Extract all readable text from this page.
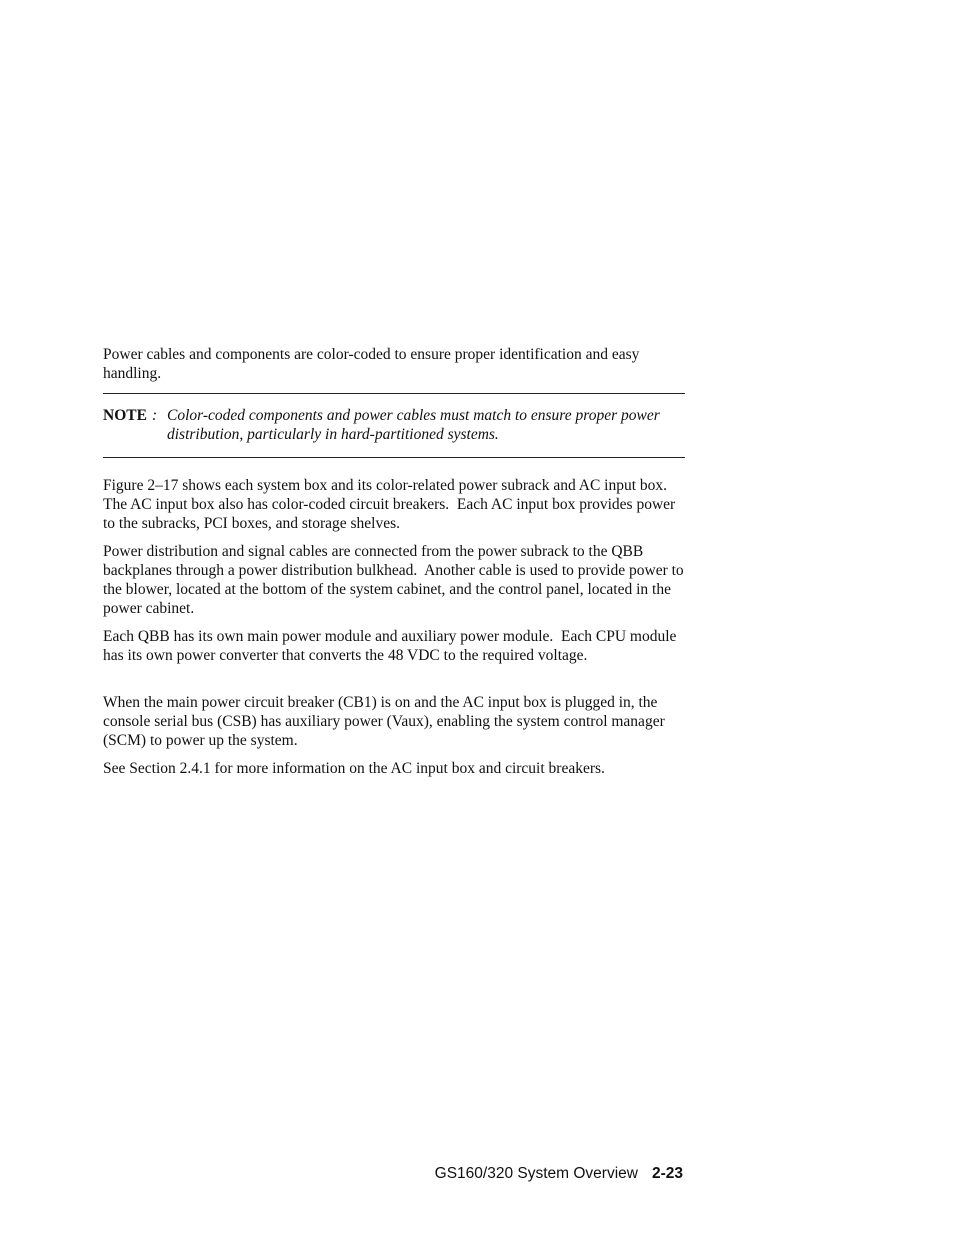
Power cables and components are color-coded to ensure proper identification and easy handling.

NOTE : Color-coded components and power cables must match to ensure proper power distribution, particularly in hard-partitioned systems.

Figure 2–17 shows each system box and its color-related power subrack and AC input box.    The AC input box also has color-coded circuit breakers.  Each AC input box provides power to the subracks, PCI boxes, and storage shelves.

Power distribution and signal cables are connected from the power subrack to the QBB backplanes through a power distribution bulkhead.  Another cable is used to provide power to the blower, located at the bottom of the system cabinet, and the control panel, located in the power cabinet.

Each QBB has its own main power module and auxiliary power module.  Each CPU module has its own power converter that converts the 48 VDC to the required voltage.

When the main power circuit breaker (CB1) is on and the AC input box is plugged in, the console serial bus (CSB) has auxiliary power (Vaux), enabling the system control manager (SCM) to power up the system.

See Section 2.4.1 for more information on the AC input box and circuit breakers.

GS160/320 System Overview 2-23
